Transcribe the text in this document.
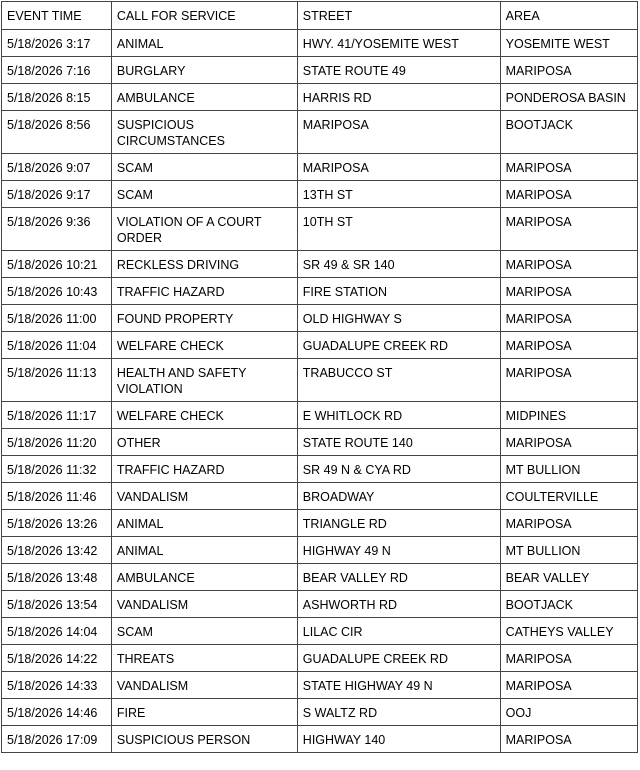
EVENT TIME	CALL FOR SERVICE	STREET	AREA
5/18/2026 3:17	ANIMAL	HWY. 41/YOSEMITE WEST	YOSEMITE WEST
5/18/2026 7:16	BURGLARY	STATE ROUTE 49	MARIPOSA
5/18/2026 8:15	AMBULANCE	HARRIS RD	PONDEROSA BASIN
5/18/2026 8:56	SUSPICIOUS CIRCUMSTANCES	MARIPOSA	BOOTJACK
5/18/2026 9:07	SCAM	MARIPOSA	MARIPOSA
5/18/2026 9:17	SCAM	13TH ST	MARIPOSA
5/18/2026 9:36	VIOLATION OF A COURT ORDER	10TH ST	MARIPOSA
5/18/2026 10:21	RECKLESS DRIVING	SR 49 & SR 140	MARIPOSA
5/18/2026 10:43	TRAFFIC HAZARD	FIRE STATION	MARIPOSA
5/18/2026 11:00	FOUND PROPERTY	OLD HIGHWAY S	MARIPOSA
5/18/2026 11:04	WELFARE CHECK	GUADALUPE CREEK RD	MARIPOSA
5/18/2026 11:13	HEALTH AND SAFETY VIOLATION	TRABUCCO ST	MARIPOSA
5/18/2026 11:17	WELFARE CHECK	E WHITLOCK RD	MIDPINES
5/18/2026 11:20	OTHER	STATE ROUTE 140	MARIPOSA
5/18/2026 11:32	TRAFFIC HAZARD	SR 49 N & CYA RD	MT BULLION
5/18/2026 11:46	VANDALISM	BROADWAY	COULTERVILLE
5/18/2026 13:26	ANIMAL	TRIANGLE RD	MARIPOSA
5/18/2026 13:42	ANIMAL	HIGHWAY 49 N	MT BULLION
5/18/2026 13:48	AMBULANCE	BEAR VALLEY RD	BEAR VALLEY
5/18/2026 13:54	VANDALISM	ASHWORTH RD	BOOTJACK
5/18/2026 14:04	SCAM	LILAC CIR	CATHEYS VALLEY
5/18/2026 14:22	THREATS	GUADALUPE CREEK RD	MARIPOSA
5/18/2026 14:33	VANDALISM	STATE HIGHWAY 49 N	MARIPOSA
5/18/2026 14:46	FIRE	S WALTZ RD	OOJ
5/18/2026 17:09	SUSPICIOUS PERSON	HIGHWAY 140	MARIPOSA
